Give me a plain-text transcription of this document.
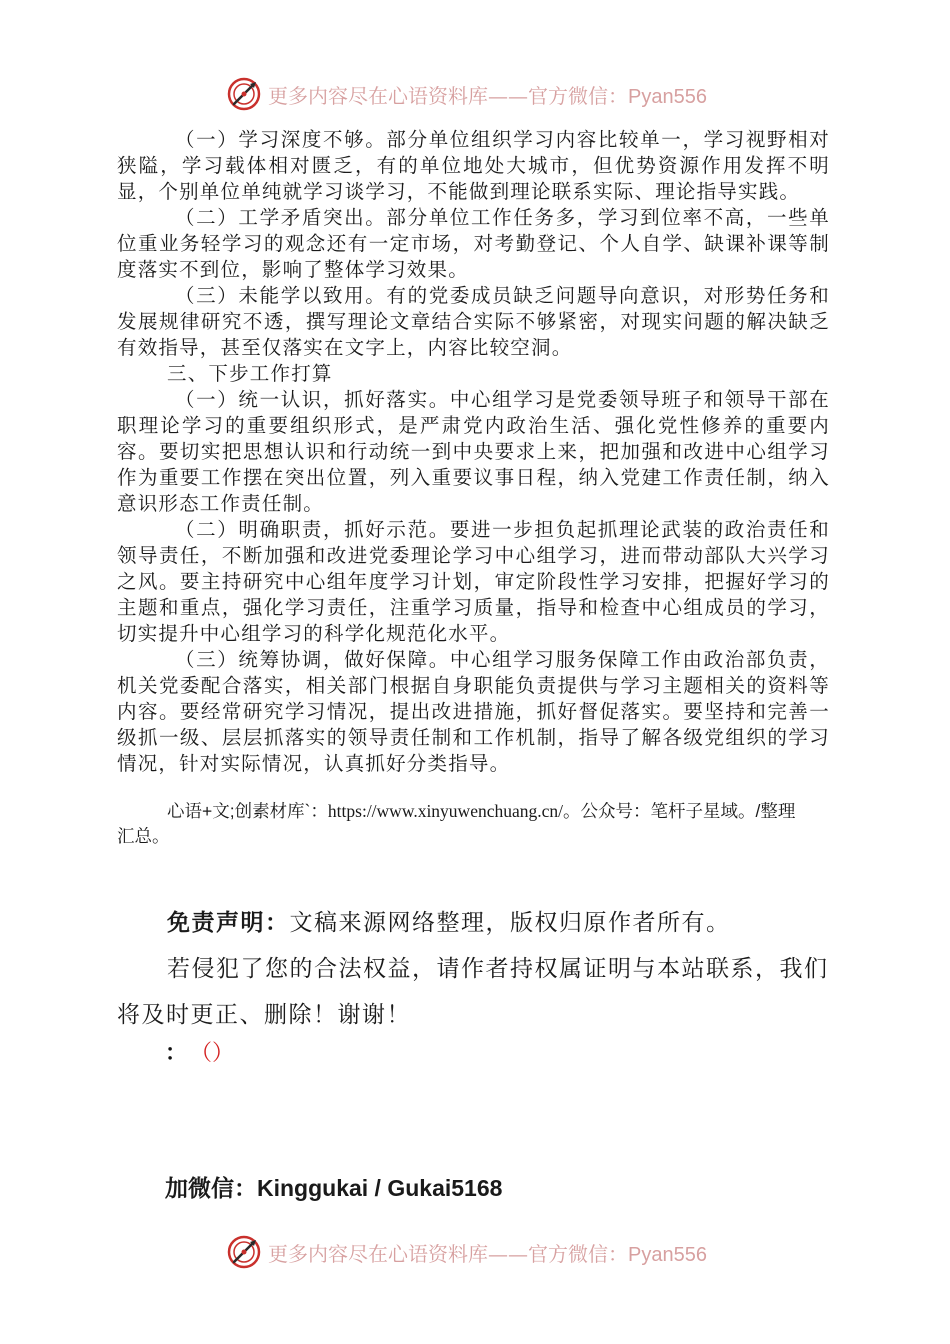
更多内容尽在心语资料库——官方微信：Pyan556

（一）学习深度不够。部分单位组织学习内容比较单一，学习视野相对狭隘，学习载体相对匮乏，有的单位地处大城市，但优势资源作用发挥不明显，个别单位单纯就学习谈学习，不能做到理论联系实际、理论指导实践。

（二）工学矛盾突出。部分单位工作任务多，学习到位率不高，一些单位重业务轻学习的观念还有一定市场，对考勤登记、个人自学、缺课补课等制度落实不到位，影响了整体学习效果。

（三）未能学以致用。有的党委成员缺乏问题导向意识，对形势任务和发展规律研究不透，撰写理论文章结合实际不够紧密，对现实问题的解决缺乏有效指导，甚至仅落实在文字上，内容比较空洞。

三、下步工作打算

（一）统一认识，抓好落实。中心组学习是党委领导班子和领导干部在职理论学习的重要组织形式，是严肃党内政治生活、强化党性修养的重要内容。要切实把思想认识和行动统一到中央要求上来，把加强和改进中心组学习作为重要工作摆在突出位置，列入重要议事日程，纳入党建工作责任制，纳入意识形态工作责任制。

（二）明确职责，抓好示范。要进一步担负起抓理论武装的政治责任和领导责任，不断加强和改进党委理论学习中心组学习，进而带动部队大兴学习之风。要主持研究中心组年度学习计划，审定阶段性学习安排，把握好学习的主题和重点，强化学习责任，注重学习质量，指导和检查中心组成员的学习，切实提升中心组学习的科学化规范化水平。

（三）统筹协调，做好保障。中心组学习服务保障工作由政治部负责，机关党委配合落实，相关部门根据自身职能负责提供与学习主题相关的资料等内容。要经常研究学习情况，提出改进措施，抓好督促落实。要坚持和完善一级抓一级、层层抓落实的领导责任制和工作机制，指导了解各级党组织的学习情况，针对实际情况，认真抓好分类指导。

心语+文;创素材库`：https://www.xinyuwenchuang.cn/。公众号：笔杆子星域。/整理汇总。

免责声明：文稿来源网络整理，版权归原作者所有。

若侵犯了您的合法权益，请作者持权属证明与本站联系，我们将及时更正、删除！谢谢！

： （）
加微信：Kinggukai / Gukai5168
更多内容尽在心语资料库——官方微信：Pyan556
